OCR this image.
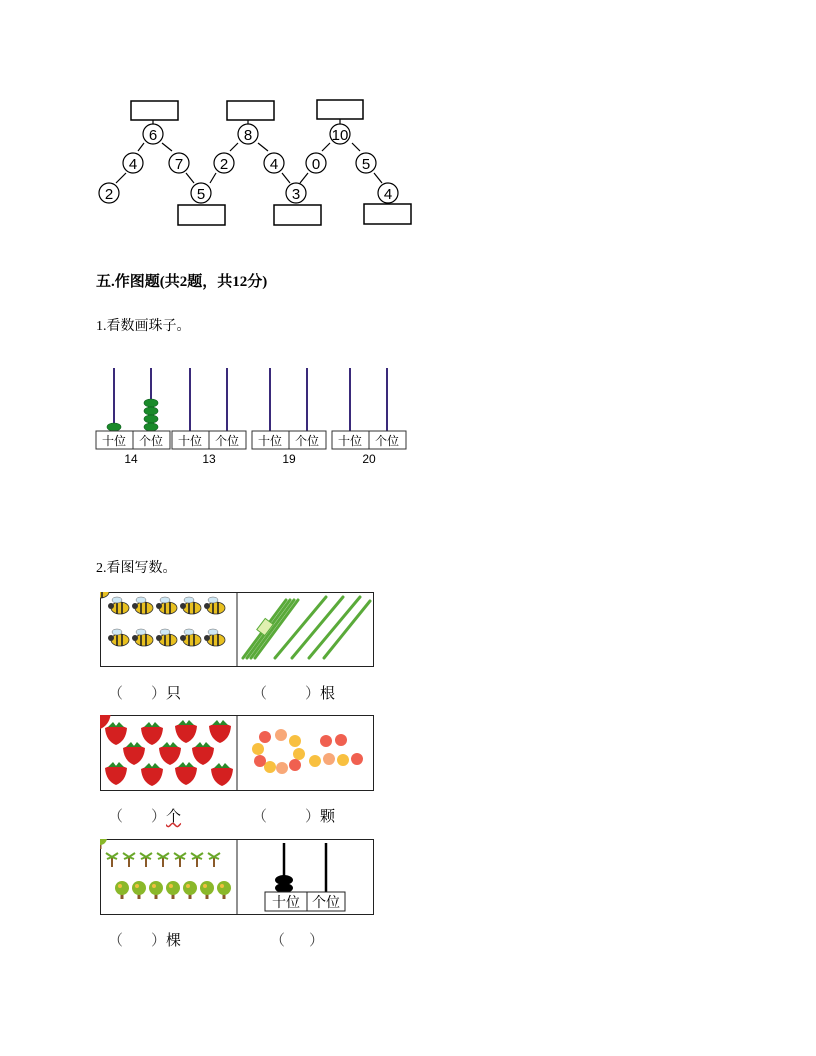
6
4
2
7
5
8
2	4
3
10
0	5
4
五.作图题(共2题，共12分)
1.看数画珠子。
十位 个位 十位 个位 十位 个位 十位 个位
14	13	19	20
2.看图写数。
（ ）只	（	）根
（ ）个	（	）颗
十位 个位
（ ）棵	（ ）
